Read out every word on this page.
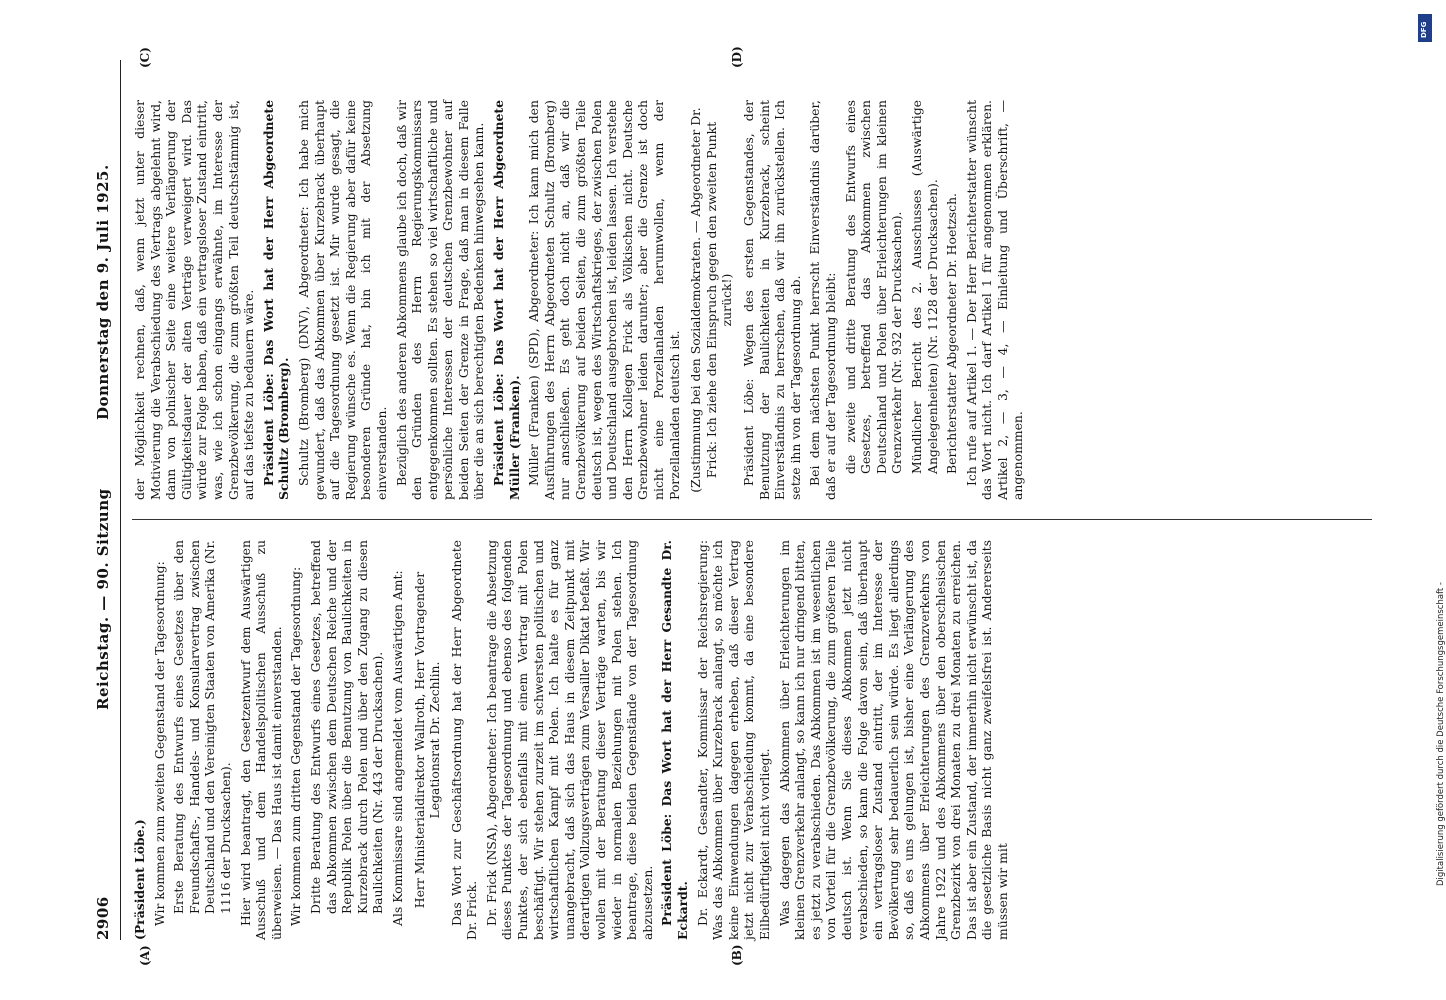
2906
Reichstag. — 90. Sitzung
Donnerstag den 9. Juli 1925.
(A)	(B)
(C)	(D)

(Präsident Löbe.) Wir kommen zum zweiten Gegenstand der Tagesordnung: Erste Beratung des Entwurfs eines Gesetzes über den Freundschafts-, Handels- und Konsularvertrag zwischen Deutschland und den Vereinigten Staaten von Amerika (Nr. 1116 der Drucksachen). Hier wird beantragt, den Gesetzentwurf dem Auswärtigen Ausschuß und dem Handelspolitischen Ausschuß zu überweisen. — Das Haus ist damit einverstanden. Wir kommen zum dritten Gegenstand der Tagesordnung: Dritte Beratung des Entwurfs eines Gesetzes, betreffend das Abkommen zwischen dem Deutschen Reiche und der Republik Polen über die Benutzung von Baulichkeiten in Kurzebrack durch Polen und über den Zugang zu diesen Baulichkeiten (Nr. 443 der Drucksachen). Als Kommissare sind angemeldet vom Auswärtigen Amt: Herr Ministerialdirektor Wallroth, Herr Vortragender Legationsrat Dr. Zechlin. Das Wort zur Geschäftsordnung hat der Herr Abgeordnete Dr. Frick. Dr. Frick (NSA), Abgeordneter: Ich beantrage die Absetzung dieses Punktes der Tagesordnung und ebenso des folgenden Punktes, der sich ebenfalls mit einem Vertrag mit Polen beschäftigt. Wir stehen zurzeit im schwersten politischen und wirtschaftlichen Kampf mit Polen. Ich halte es für ganz unangebracht, daß sich das Haus in diesem Zeitpunkt mit derartigen Vollzugsverträgen zum Versailler Diktat befaßt. Wir wollen mit der Beratung dieser Verträge warten, bis wir wieder in normalen Beziehungen mit Polen stehen. Ich beantrage, diese beiden Gegenstände von der Tagesordnung abzusetzen. Präsident Löbe: Das Wort hat der Herr Gesandte Dr. Eckardt. Dr. Eckardt, Gesandter, Kommissar der Reichsregierung: Was das Abkommen über Kurzebrack anlangt, so möchte ich keine Einwendungen dagegen erheben, daß dieser Vertrag jetzt nicht zur Verabschiedung kommt, da eine besondere Eilbedürftigkeit nicht vorliegt. Was dagegen das Abkommen über Erleichterungen im kleinen Grenzverkehr anlangt, so kann ich nur dringend bitten, es jetzt zu verabschieden. Das Abkommen ist im wesentlichen von Vorteil für die Grenzbevölkerung, die zum größeren Teile deutsch ist. Wenn Sie dieses Abkommen jetzt nicht verabschieden, so kann die Folge davon sein, daß überhaupt ein vertragsloser Zustand eintritt, der im Interesse der Bevölkerung sehr bedauerlich sein würde. Es liegt allerdings so, daß es uns gelungen ist, bisher eine Verlängerung des Abkommens über Erleichterungen des Grenzverkehrs von Jahre 1922 und des Abkommens über den oberschlesischen Grenzbezirk von drei Monaten zu drei Monaten zu erreichen. Das ist aber ein Zustand, der immerhin nicht erwünscht ist, da die gesetzliche Basis nicht ganz zweifelsfrei ist. Andererseits müssen wir mit

der Möglichkeit rechnen, daß, wenn jetzt unter dieser Motivierung die Verabschiedung des Vertrags abgelehnt wird, dann von polnischer Seite eine weitere Verlängerung der Gültigkeitsdauer der alten Verträge verweigert wird. Das würde zur Folge haben, daß ein vertragsloser Zustand eintritt, was, wie ich schon eingangs erwähnte, im Interesse der Grenzbevölkerung, die zum größten Teil deutschstämmig ist, auf das tiefste zu bedauern wäre. Präsident Löbe: Das Wort hat der Herr Abgeordnete Schultz (Bromberg). Schultz (Bromberg) (DNV), Abgeordneter: Ich habe mich gewundert, daß das Abkommen über Kurzebrack überhaupt auf die Tagesordnung gesetzt ist. Mir wurde gesagt, die Regierung wünsche es. Wenn die Regierung aber dafür keine besonderen Gründe hat, bin ich mit der Absetzung einverstanden. Bezüglich des anderen Abkommens glaube ich doch, daß wir den Gründen des Herrn Regierungskommissars entgegenkommen sollten. Es stehen so viel wirtschaftliche und persönliche Interessen der deutschen Grenzbewohner auf beiden Seiten der Grenze in Frage, daß man in diesem Falle über die an sich berechtigten Bedenken hinwegsehen kann. Präsident Löbe: Das Wort hat der Herr Abgeordnete Müller (Franken). Müller (Franken) (SPD), Abgeordneter: Ich kann mich den Ausführungen des Herrn Abgeordneten Schultz (Bromberg) nur anschließen. Es geht doch nicht an, daß wir die Grenzbevölkerung auf beiden Seiten, die zum größten Teile deutsch ist, wegen des Wirtschaftskrieges, der zwischen Polen und Deutschland ausgebrochen ist, leiden lassen. Ich verstehe den Herrn Kollegen Frick als Völkischen nicht. Deutsche Grenzbewohner leiden darunter; aber die Grenze ist doch nicht eine Porzellanladen herumwollen, wenn der Porzellanladen deutsch ist. (Zustimmung bei den Sozialdemokraten. — Abgeordneter Dr. Frick: Ich ziehe den Einspruch gegen den zweiten Punkt zurück!) Präsident Löbe: Wegen des ersten Gegenstandes, der Benutzung der Baulichkeiten in Kurzebrack, scheint Einverständnis zu herrschen, daß wir ihn zurückstellen. Ich setze ihn von der Tagesordnung ab. Bei dem nächsten Punkt herrscht Einverständnis darüber, daß er auf der Tagesordnung bleibt: die zweite und dritte Beratung des Entwurfs eines Gesetzes, betreffend das Abkommen zwischen Deutschland und Polen über Erleichterungen im kleinen Grenzverkehr (Nr. 932 der Drucksachen). Mündlicher Bericht des 2. Ausschusses (Auswärtige Angelegenheiten) (Nr. 1128 der Drucksachen). Berichterstatter Abgeordneter Dr. Hoetzsch. Ich rufe auf Artikel 1. — Der Herr Berichterstatter wünscht das Wort nicht. Ich darf Artikel 1 für angenommen erklären. Artikel 2, — 3, — 4, — Einleitung und Überschrift, — angenommen.

DFG
Digitalisierung gefördert durch die Deutsche Forschungsgemeinschaft -
